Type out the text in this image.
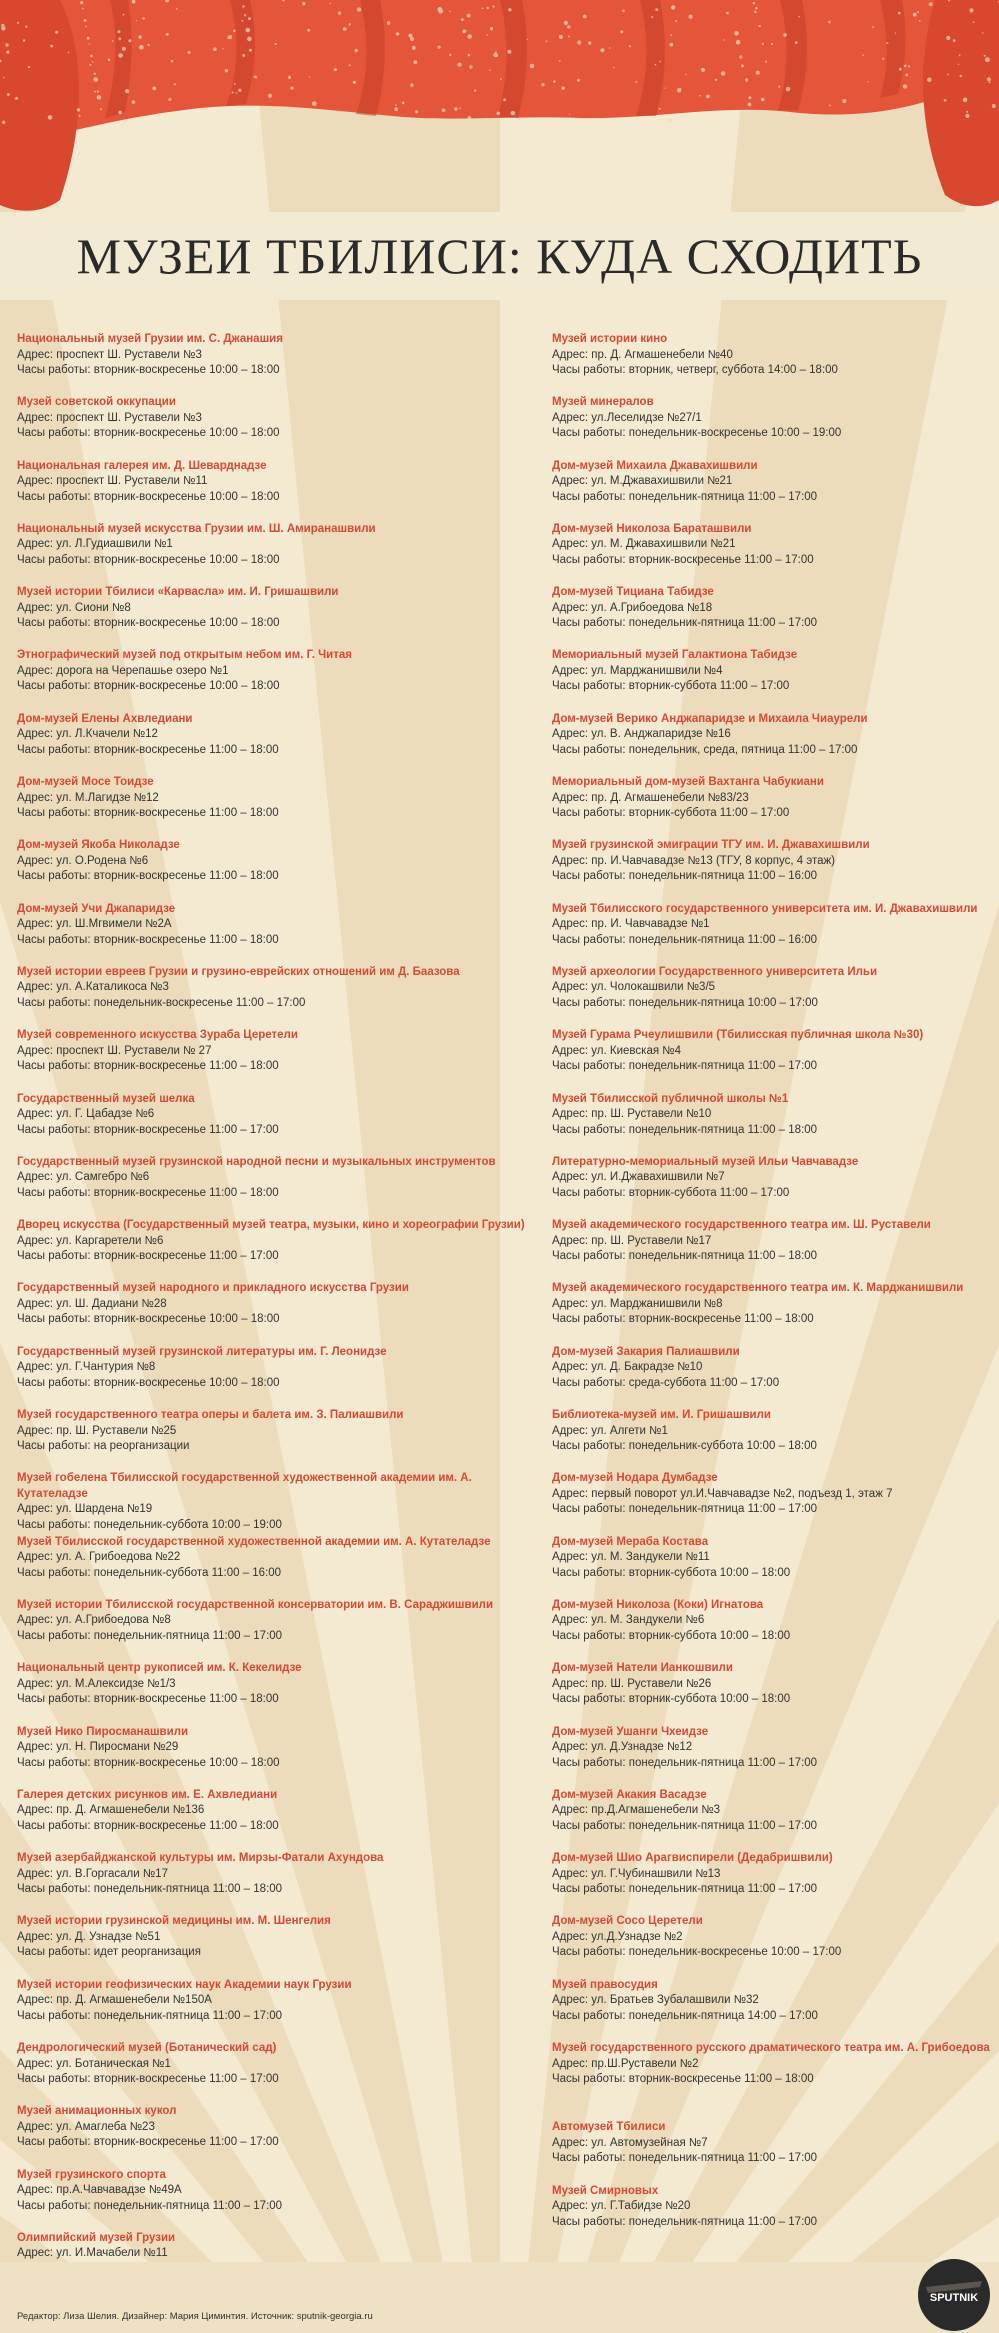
МУЗЕИ ТБИЛИСИ: КУДА СХОДИТЬ
Национальный музей Грузии им. С. Джанашия
Адрес: проспект Ш. Руставели №3
Часы работы: вторник-воскресенье 10:00 – 18:00
Музей советской оккупации
Адрес: проспект Ш. Руставели №3
Часы работы: вторник-воскресенье 10:00 – 18:00
Национальная галерея им. Д. Шеварднадзе
Адрес: проспект Ш. Руставели №11
Часы работы: вторник-воскресенье 10:00 – 18:00
Национальный музей искусства Грузии им. Ш. Амиранашвили
Адрес: ул. Л.Гудиашвили №1
Часы работы: вторник-воскресенье 10:00 – 18:00
Музей истории Тбилиси «Карвасла» им. И. Гришашвили
Адрес: ул. Сиони №8
Часы работы: вторник-воскресенье 10:00 – 18:00
Этнографический музей под открытым небом им. Г. Читая
Адрес: дорога на Черепашье озеро №1
Часы работы: вторник-воскресенье 10:00 – 18:00
Дом-музей Елены Ахвледиани
Адрес: ул. Л.Кчачели №12
Часы работы: вторник-воскресенье 11:00 – 18:00
Дом-музей Мосе Тоидзе
Адрес: ул. М.Лагидзе №12
Часы работы: вторник-воскресенье 11:00 – 18:00
Дом-музей Якоба Николадзе
Адрес: ул. О.Родена №6
Часы работы: вторник-воскресенье 11:00 – 18:00
Дом-музей Учи Джапаридзе
Адрес: ул. Ш.Мгвимели №2А
Часы работы: вторник-воскресенье 11:00 – 18:00
Музей истории евреев Грузии и грузино-еврейских отношений им Д. Баазова
Адрес: ул. А.Каталикоса №3
Часы работы: понедельник-воскресенье 11:00 – 17:00
Музей современного искусства Зураба Церетели
Адрес: проспект Ш. Руставели № 27
Часы работы: вторник-воскресенье 11:00 – 18:00
Государственный музей шелка
Адрес: ул. Г. Цабадзе №6
Часы работы: вторник-воскресенье 11:00 – 17:00
Государственный музей грузинской народной песни и музыкальных инструментов
Адрес: ул. Самгебро №6
Часы работы: вторник-воскресенье 11:00 – 18:00
Дворец искусства (Государственный музей театра, музыки, кино и хореографии Грузии)
Адрес: ул. Каргаретели №6
Часы работы: вторник-воскресенье 11:00 – 17:00
Государственный музей народного и прикладного искусства Грузии
Адрес: ул. Ш. Дадиани №28
Часы работы: вторник-воскресенье 10:00 – 18:00
Государственный музей грузинской литературы им. Г. Леонидзе
Адрес: ул. Г.Чантурия №8
Часы работы: вторник-воскресенье 10:00 – 18:00
Музей государственного театра оперы и балета им. З. Палиашвили
Адрес: пр. Ш. Руставели №25
Часы работы: на реорганизации
Музей гобелена Тбилисской государственной художественной академии им. А. Кутателадзе
Адрес: ул. Шардена №19
Часы работы: понедельник-суббота 10:00 – 19:00
Музей Тбилисской государственной художественной академии им. А. Кутателадзе
Адрес: ул. А. Грибоедова №22
Часы работы: понедельник-суббота 11:00 – 16:00
Музей истории Тбилисской государственной консерватории им. В. Сараджишвили
Адрес: ул. А.Грибоедова №8
Часы работы: понедельник-пятница 11:00 – 17:00
Национальный центр рукописей им. К. Кекелидзе
Адрес: ул. М.Алексидзе №1/3
Часы работы: вторник-воскресенье 11:00 – 18:00
Музей Нико Пиросманашвили
Адрес: ул. Н. Пиросмани №29
Часы работы: вторник-воскресенье 10:00 – 18:00
Галерея детских рисунков им. Е. Ахвледиани
Адрес: пр. Д. Агмашенебели №136
Часы работы: вторник-воскресенье 11:00 – 18:00
Музей азербайджанской культуры им. Мирзы-Фатали Ахундова
Адрес: ул. В.Горгасали №17
Часы работы: понедельник-пятница 11:00 – 18:00
Музей истории грузинской медицины им. М. Шенгелия
Адрес: ул. Д. Узнадзе №51
Часы работы: идет реорганизация
Музей истории геофизических наук Академии наук Грузии
Адрес: пр. Д. Агмашенебели №150А
Часы работы: понедельник-пятница 11:00 – 17:00
Дендрологический музей (Ботанический сад)
Адрес: ул. Ботаническая №1
Часы работы: вторник-воскресенье 11:00 – 17:00
Музей анимационных кукол
Адрес: ул. Амаглеба №23
Часы работы: вторник-воскресенье 11:00 – 17:00
Музей грузинского спорта
Адрес: пр.А.Чавчавадзе №49А
Часы работы: понедельник-пятница 11:00 – 17:00
Олимпийский музей Грузии
Адрес: ул. И.Мачабели №11
Музей истории кино
Адрес: пр. Д. Агмашенебели №40
Часы работы: вторник, четверг, суббота 14:00 – 18:00
Музей минералов
Адрес: ул.Леселидзе №27/1
Часы работы: понедельник-воскресенье 10:00 – 19:00
Дом-музей Михаила Джавахишвили
Адрес: ул. М.Джавахишвили №21
Часы работы: понедельник-пятница 11:00 – 17:00
Дом-музей Николоза Бараташвили
Адрес: ул. М. Джавахишвили №21
Часы работы: вторник-воскресенье 11:00 – 17:00
Дом-музей Тициана Табидзе
Адрес: ул. А.Грибоедова №18
Часы работы: понедельник-пятница 11:00 – 17:00
Мемориальный музей Галактиона Табидзе
Адрес: ул. Марджанишвили №4
Часы работы: вторник-суббота 11:00 – 17:00
Дом-музей Верико Анджапаридзе и Михаила Чиаурели
Адрес: ул. В. Анджапаридзе №16
Часы работы: понедельник, среда, пятница 11:00 – 17:00
Мемориальный дом-музей Вахтанга Чабукиани
Адрес: пр. Д. Агмашенебели №83/23
Часы работы: вторник-суббота 11:00 – 17:00
Музей грузинской эмиграции ТГУ им. И. Джавахишвили
Адрес: пр. И.Чавчавадзе №13 (ТГУ, 8 корпус, 4 этаж)
Часы работы: понедельник-пятница 11:00 – 16:00
Музей Тбилисского государственного университета им. И. Джавахишвили
Адрес: пр. И. Чавчавадзе №1
Часы работы: понедельник-пятница 11:00 – 16:00
Музей археологии Государственного университета Ильи
Адрес: ул. Чолокашвили №3/5
Часы работы: понедельник-пятница 10:00 – 17:00
Музей Гурама Рчеулишвили (Тбилисская публичная школа №30)
Адрес: ул. Киевская №4
Часы работы: понедельник-пятница 11:00 – 17:00
Музей Тбилисской публичной школы №1
Адрес: пр. Ш. Руставели №10
Часы работы: понедельник-пятница 11:00 – 18:00
Литературно-мемориальный музей Ильи Чавчавадзе
Адрес: ул. И.Джавахишвили №7
Часы работы: вторник-суббота 11:00 – 17:00
Музей академического государственного театра им. Ш. Руставели
Адрес: пр. Ш. Руставели №17
Часы работы: понедельник-пятница 11:00 – 18:00
Музей академического государственного театра им. К. Марджанишвили
Адрес: ул. Марджанишвили №8
Часы работы: вторник-воскресенье 11:00 – 18:00
Дом-музей Закария Палиашвили
Адрес: ул. Д. Бакрадзе №10
Часы работы: среда-суббота 11:00 – 17:00
Библиотека-музей им. И. Гришашвили
Адрес: ул. Алгети №1
Часы работы: понедельник-суббота 10:00 – 18:00
Дом-музей Нодара Думбадзе
Адрес: первый поворот ул.И.Чавчавадзе №2, подъезд 1, этаж 7
Часы работы: понедельник-пятница 11:00 – 17:00
Дом-музей Мераба Костава
Адрес: ул. М. Зандукели №11
Часы работы: вторник-суббота 10:00 – 18:00
Дом-музей Николоза (Коки) Игнатова
Адрес: ул. М. Зандукели №6
Часы работы: вторник-суббота 10:00 – 18:00
Дом-музей Натели Ианкошвили
Адрес: пр. Ш. Руставели №26
Часы работы: вторник-суббота 10:00 – 18:00
Дом-музей Ушанги Чхеидзе
Адрес: ул. Д.Узнадзе №12
Часы работы: понедельник-пятница 11:00 – 17:00
Дом-музей Акакия Васадзе
Адрес: пр.Д.Агмашенебели №3
Часы работы: понедельник-пятница 11:00 – 17:00
Дом-музей Шио Арагвиспирели (Дедабришвили)
Адрес: ул. Г.Чубинашвили №13
Часы работы: понедельник-пятница 11:00 – 17:00
Дом-музей Сосо Церетели
Адрес: ул.Д.Узнадзе №2
Часы работы: понедельник-воскресенье 10:00 – 17:00
Музей правосудия
Адрес: ул. Братьев Зубалашвили №32
Часы работы: понедельник-пятница 14:00 – 17:00
Музей государственного русского драматического театра им. А. Грибоедова
Адрес: пр.Ш.Руставели №2
Часы работы: вторник-воскресенье 11:00 – 18:00
Автомузей Тбилиси
Адрес: ул. Автомузейная №7
Часы работы: понедельник-пятница 11:00 – 17:00
Музей Смирновых
Адрес: ул. Г.Табидзе №20
Часы работы: понедельник-пятница 11:00 – 17:00
Редактор: Лиза Шелия. Дизайнер: Мария Циминтия. Источник: sputnik-georgia.ru
SPUTNIK
